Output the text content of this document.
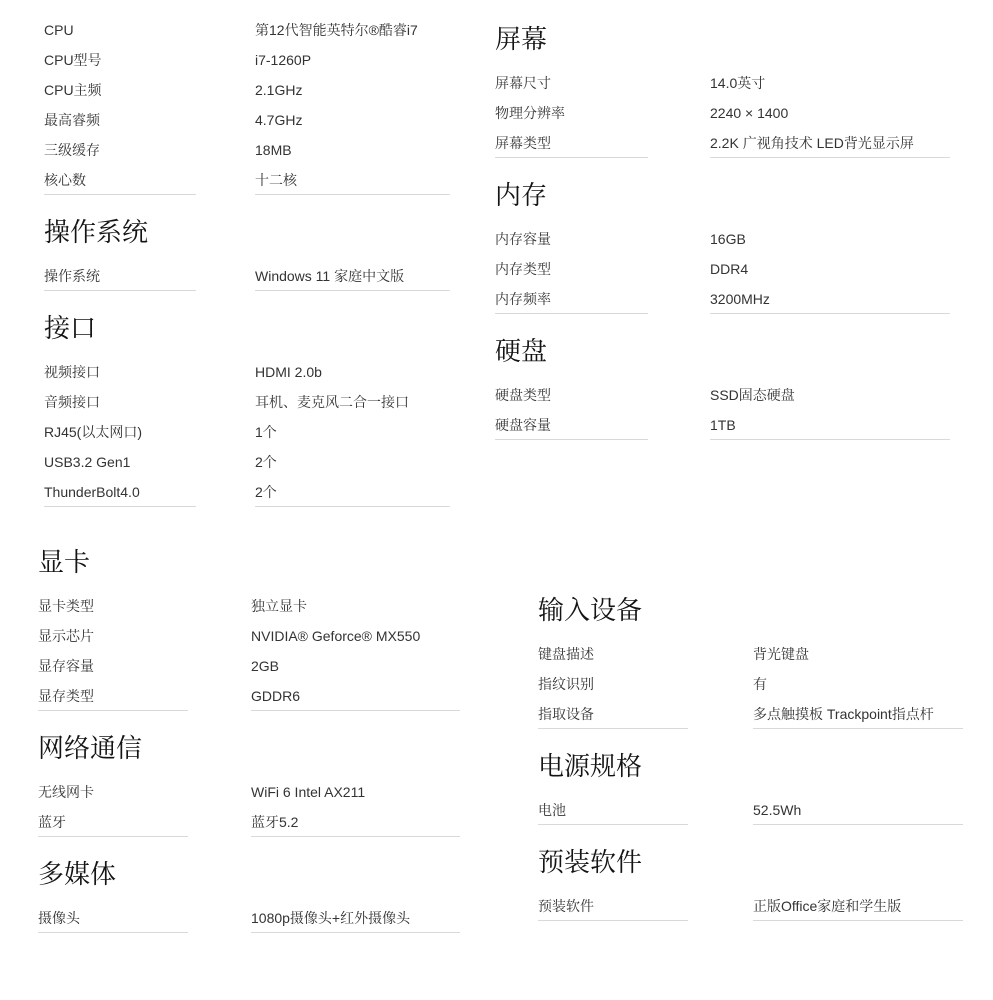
CPU	第12代智能英特尔®酷睿i7
CPU型号	i7-1260P
CPU主频	2.1GHz
最高睿频	4.7GHz
三级缓存	18MB
核心数	十二核
操作系统
操作系统	Windows 11 家庭中文版
接口
视频接口	HDMI 2.0b
音频接口	耳机、麦克风二合一接口
RJ45(以太网口)	1个
USB3.2 Gen1	2个
ThunderBolt4.0	2个
显卡
显卡类型	独立显卡
显示芯片	NVIDIA® Geforce® MX550
显存容量	2GB
显存类型	GDDR6
网络通信
无线网卡	WiFi 6 Intel AX211
蓝牙	蓝牙5.2
多媒体
摄像头	1080p摄像头+红外摄像头
屏幕
屏幕尺寸	14.0英寸
物理分辨率	2240 × 1400
屏幕类型	2.2K 广视角技术 LED背光显示屏
内存
内存容量	16GB
内存类型	DDR4
内存频率	3200MHz
硬盘
硬盘类型	SSD固态硬盘
硬盘容量	1TB
输入设备
键盘描述	背光键盘
指纹识别	有
指取设备	多点触摸板 Trackpoint指点杆
电源规格
电池	52.5Wh
预装软件
预装软件	正版Office家庭和学生版
